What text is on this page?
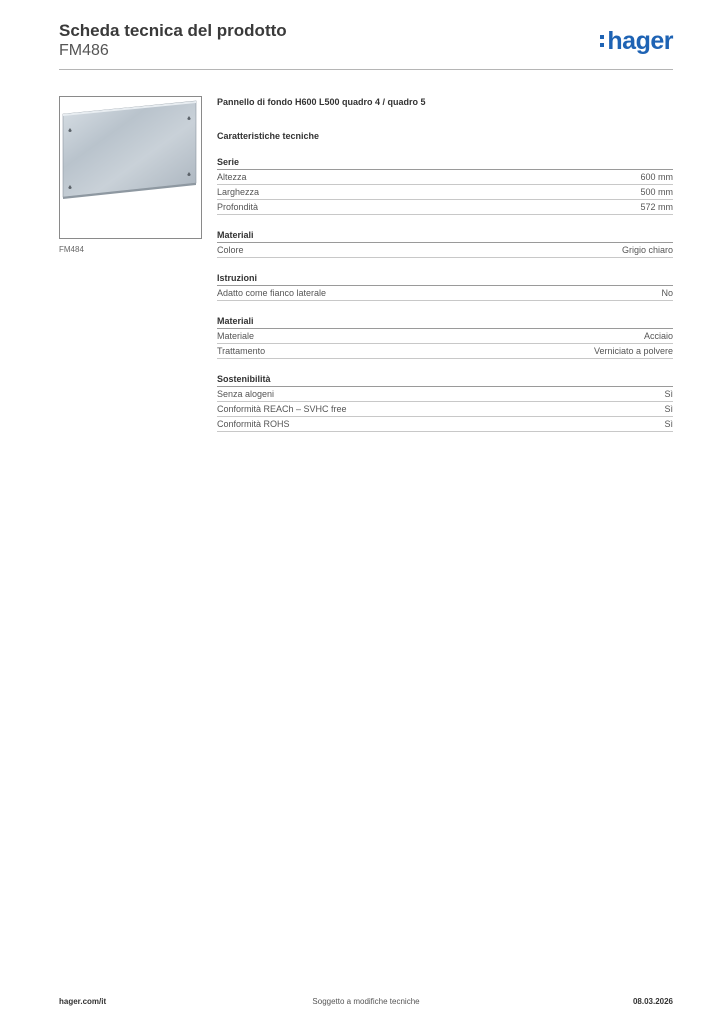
Scheda tecnica del prodotto
FM486	hager
FM484
Pannello di fondo H600 L500 quadro 4 / quadro 5
Caratteristiche tecniche
Serie
Altezza	600 mm
Larghezza	500 mm
Profondità	572 mm
Materiali
Colore	Grigio chiaro
Istruzioni
Adatto come fianco laterale	No
Materiali
Materiale	Acciaio
Trattamento	Verniciato a polvere
Sostenibilità
Senza alogeni	Sì
Conformità REACh – SVHC free	Sì
Conformità ROHS	Sì
hager.com/it	Soggetto a modifiche tecniche	08.03.2026
